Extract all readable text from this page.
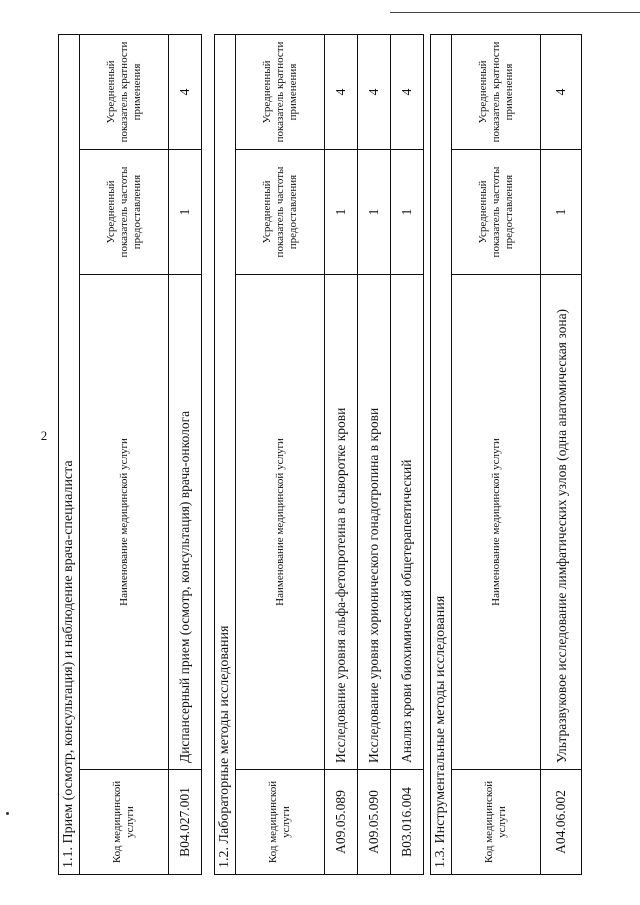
2
1.1. Прием (осмотр, консультация) и наблюдение врача-специалиста			
Код медицинской услуги	Наименование медицинской услуги	Усредненный показатель частоты предоставления	Усредненный показатель кратности применения
B04.027.001	Диспансерный прием (осмотр, консультация) врача-онколога	1	4
1.2. Лабораторные методы исследования			
Код медицинской услуги	Наименование медицинской услуги	Усредненный показатель частоты предоставления	Усредненный показатель кратности применения
A09.05.089	Исследование уровня альфа-фетопротеина в сыворотке крови	1	4
A09.05.090	Исследование уровня хорионического гонадотропина в крови	1	4
B03.016.004	Анализ крови биохимический общетерапевтический	1	4
1.3. Инструментальные методы исследования			
Код медицинской услуги	Наименование медицинской услуги	Усредненный показатель частоты предоставления	Усредненный показатель кратности применения
A04.06.002	Ультразвуковое исследование лимфатических узлов (одна анатомическая зона)	1	4
